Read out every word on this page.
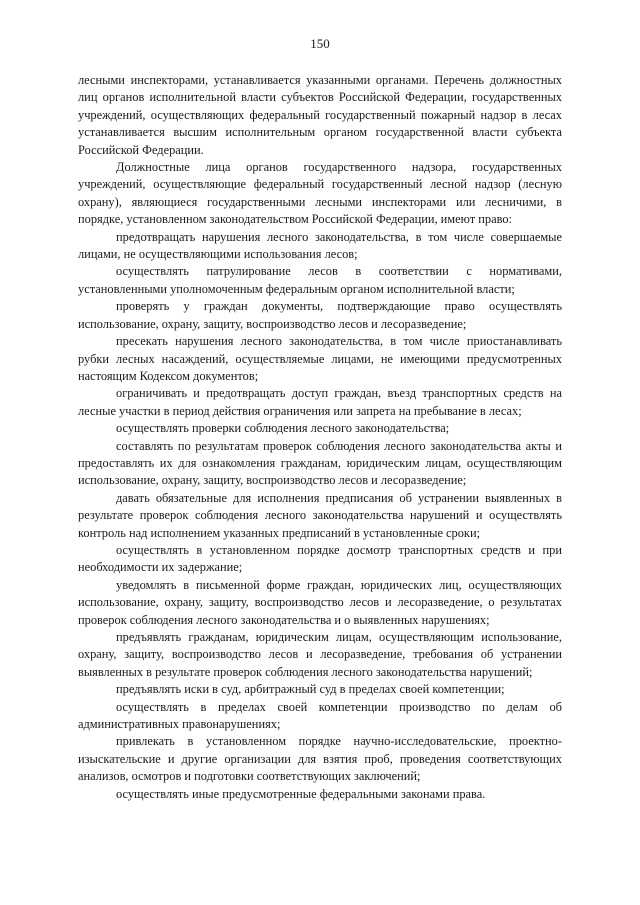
150

лесными инспекторами, устанавливается указанными органами. Перечень должностных лиц органов исполнительной власти субъектов Российской Федерации, государственных учреждений, осуществляющих федеральный государственный пожарный надзор в лесах устанавливается высшим исполнительным органом государственной власти субъекта Российской Федерации.

Должностные лица органов государственного надзора, государственных учреждений, осуществляющие федеральный государственный лесной надзор (лесную охрану), являющиеся государственными лесными инспекторами или лесничими, в порядке, установленном законодательством Российской Федерации, имеют право:

предотвращать нарушения лесного законодательства, в том числе совершаемые лицами, не осуществляющими использования лесов;

осуществлять патрулирование лесов в соответствии с нормативами, установленными уполномоченным федеральным органом исполнительной власти;

проверять у граждан документы, подтверждающие право осуществлять использование, охрану, защиту, воспроизводство лесов и лесоразведение;

пресекать нарушения лесного законодательства, в том числе приостанавливать рубки лесных насаждений, осуществляемые лицами, не имеющими предусмотренных настоящим Кодексом документов;

ограничивать и предотвращать доступ граждан, въезд транспортных средств на лесные участки в период действия ограничения или запрета на пребывание в лесах;

осуществлять проверки соблюдения лесного законодательства;

составлять по результатам проверок соблюдения лесного законодательства акты и предоставлять их для ознакомления гражданам, юридическим лицам, осуществляющим использование, охрану, защиту, воспроизводство лесов и лесоразведение;

давать обязательные для исполнения предписания об устранении выявленных в результате проверок соблюдения лесного законодательства нарушений и осуществлять контроль над исполнением указанных предписаний в установленные сроки;

осуществлять в установленном порядке досмотр транспортных средств и при необходимости их задержание;

уведомлять в письменной форме граждан, юридических лиц, осуществляющих использование, охрану, защиту, воспроизводство лесов и лесоразведение, о результатах проверок соблюдения лесного законодательства и о выявленных нарушениях;

предъявлять гражданам, юридическим лицам, осуществляющим использование, охрану, защиту, воспроизводство лесов и лесоразведение, требования об устранении выявленных в результате проверок соблюдения лесного законодательства нарушений;

предъявлять иски в суд, арбитражный суд в пределах своей компетенции;

осуществлять в пределах своей компетенции производство по делам об административных правонарушениях;

привлекать в установленном порядке научно-исследовательские, проектно-изыскательские и другие организации для взятия проб, проведения соответствующих анализов, осмотров и подготовки соответствующих заключений;

осуществлять иные предусмотренные федеральными законами права.
